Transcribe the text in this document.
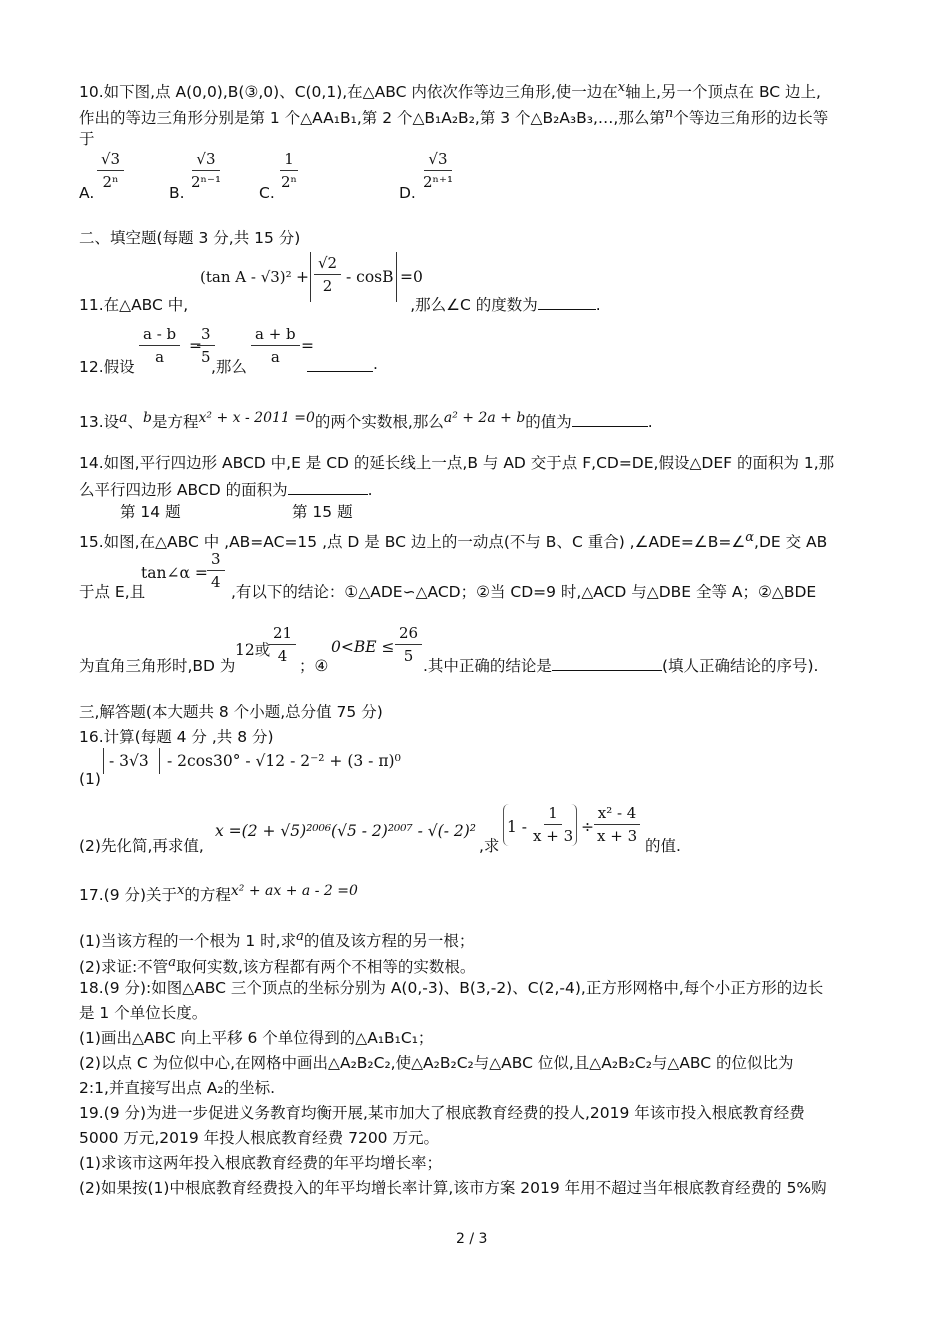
10.如下图,点 A(0,0),B(③,0)、C(0,1),在△ABC 内依次作等边三角形,使一边在$^x$轴上,另一个顶点在 BC 边上,
作出的等边三角形分别是第 1 个△AA₁B₁,第 2 个△B₁A₂B₂,第 3 个△B₂A₃B₃,…,那么第$^n$个等边三角形的边长等
于
A.
$\frac{√3}{\text{2ⁿ}}$
B.
$\frac{√3}{\text{2ⁿ⁻¹}}$
C.
$\frac{1}{\text{2ⁿ}}$
D.
$\frac{√3}{\text{2ⁿ⁺¹}}$
二、填空题(每题 3 分,共 15 分)
(tan $A - √3)^2 + \frac{√2}{2} - \cos B =0$
11.在△ABC 中,	,那么∠C 的度数为	.
12.假设
$\frac{a - b}{a}$ =
$\frac{3}{5}$
,那么
$\frac{a + b}{a}$ =
.
13.设a、b是方程x² + x - 2011 =0的两个实数根,那么a² + 2a + b的值为	.
14.如图,平行四边形 ABCD 中,E 是 CD 的延长线上一点,B 与 AD 交于点 F,CD=DE,假设△DEF 的面积为 1,那
么平行四边形 ABCD 的面积为	.
第 14 题	第 15 题
15.如图,在△ABC 中 ,AB=AC=15 ,点 D 是 BC 边上的一动点(不与 B、C 重合) ,∠ADE=∠B=∠$^\alpha$,DE 交 AB
于点 E,且
tan∠α = $\frac{3}{4}$
,有以下的结论：①△ADE∽△ACD；②当 CD=9 时,△ACD 与△DBE 全等 A；②△BDE
为直角三角形时,BD 为
12或
$\frac{21}{4}$
；④
$0<BE \le \frac{26}{5}$
.其中正确的结论是	(填人正确结论的序号).
三,解答题(本大题共 8 个小题,总分值 75 分)
16.计算(每题 4 分 ,共 8 分)
(1)
- 3√3 - 2cos30° - √12 - 2⁻² + (3 - π)⁰
(2)先化简,再求值,
x =(2 + √5)²⁰⁰⁶(√5 - 2)²⁰⁰⁷ - √(- 2)²
,求
$1 - \frac{1}{x + 3} \div \frac{\text{x² - 4}}{x + 3}$
的值.
17.(9 分)关于$^x$的方程x² + ax + a - 2 =0
(1)当该方程的一个根为 1 时,求$^a$的值及该方程的另一根；
(2)求证:不管$^a$取何实数,该方程都有两个不相等的实数根。
18.(9 分):如图△ABC 三个顶点的坐标分别为 A(0,-3)、B(3,-2)、C(2,-4),正方形网格中,每个小正方形的边长
是 1 个单位长度。
(1)画出△ABC 向上平移 6 个单位得到的△A₁B₁C₁；
(2)以点 C 为位似中心,在网格中画出△A₂B₂C₂,使△A₂B₂C₂与△ABC 位似,且△A₂B₂C₂与△ABC 的位似比为
2:1,并直接写出点 A₂的坐标.
19.(9 分)为进一步促进义务教育均衡开展,某市加大了根底教育经费的投人,2019 年该市投入根底教育经费
5000 万元,2019 年投人根底教育经费 7200 万元。
(1)求该市这两年投入根底教育经费的年平均增长率；
(2)如果按(1)中根底教育经费投入的年平均增长率计算,该市方案 2019 年用不超过当年根底教育经费的 5%购
2 / 3
